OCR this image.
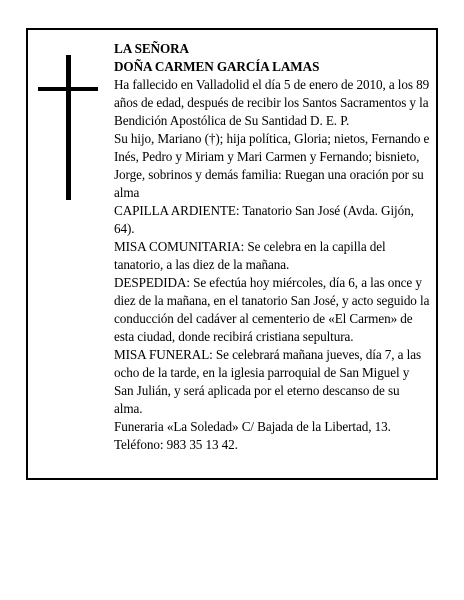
LA SEÑORA

DOÑA CARMEN GARCÍA LAMAS

Ha fallecido en Valladolid el día 5 de enero de 2010, a los 89 años de edad, después de recibir los Santos Sacramentos y la Bendición Apostólica de Su Santidad D. E. P.

Su hijo, Mariano (†); hija política, Gloria; nietos, Fernando e Inés, Pedro y Miriam y Mari Carmen y Fernando; bisnieto, Jorge, sobrinos y demás familia: Ruegan una oración por su alma

CAPILLA ARDIENTE: Tanatorio San José (Avda. Gijón, 64).

MISA COMUNITARIA: Se celebra en la capilla del tanatorio, a las diez de la mañana.

DESPEDIDA: Se efectúa hoy miércoles, día 6, a las once y diez de la mañana, en el tanatorio San José, y acto seguido la conducción del cadáver al cementerio de «El Carmen» de esta ciudad, donde recibirá cristiana sepultura.

MISA FUNERAL: Se celebrará mañana jueves, día 7, a las ocho de la tarde, en la iglesia parroquial de San Miguel y San Julián, y será aplicada por el eterno descanso de su alma.

Funeraria «La Soledad» C/ Bajada de la Libertad, 13. Teléfono: 983 35 13 42.
